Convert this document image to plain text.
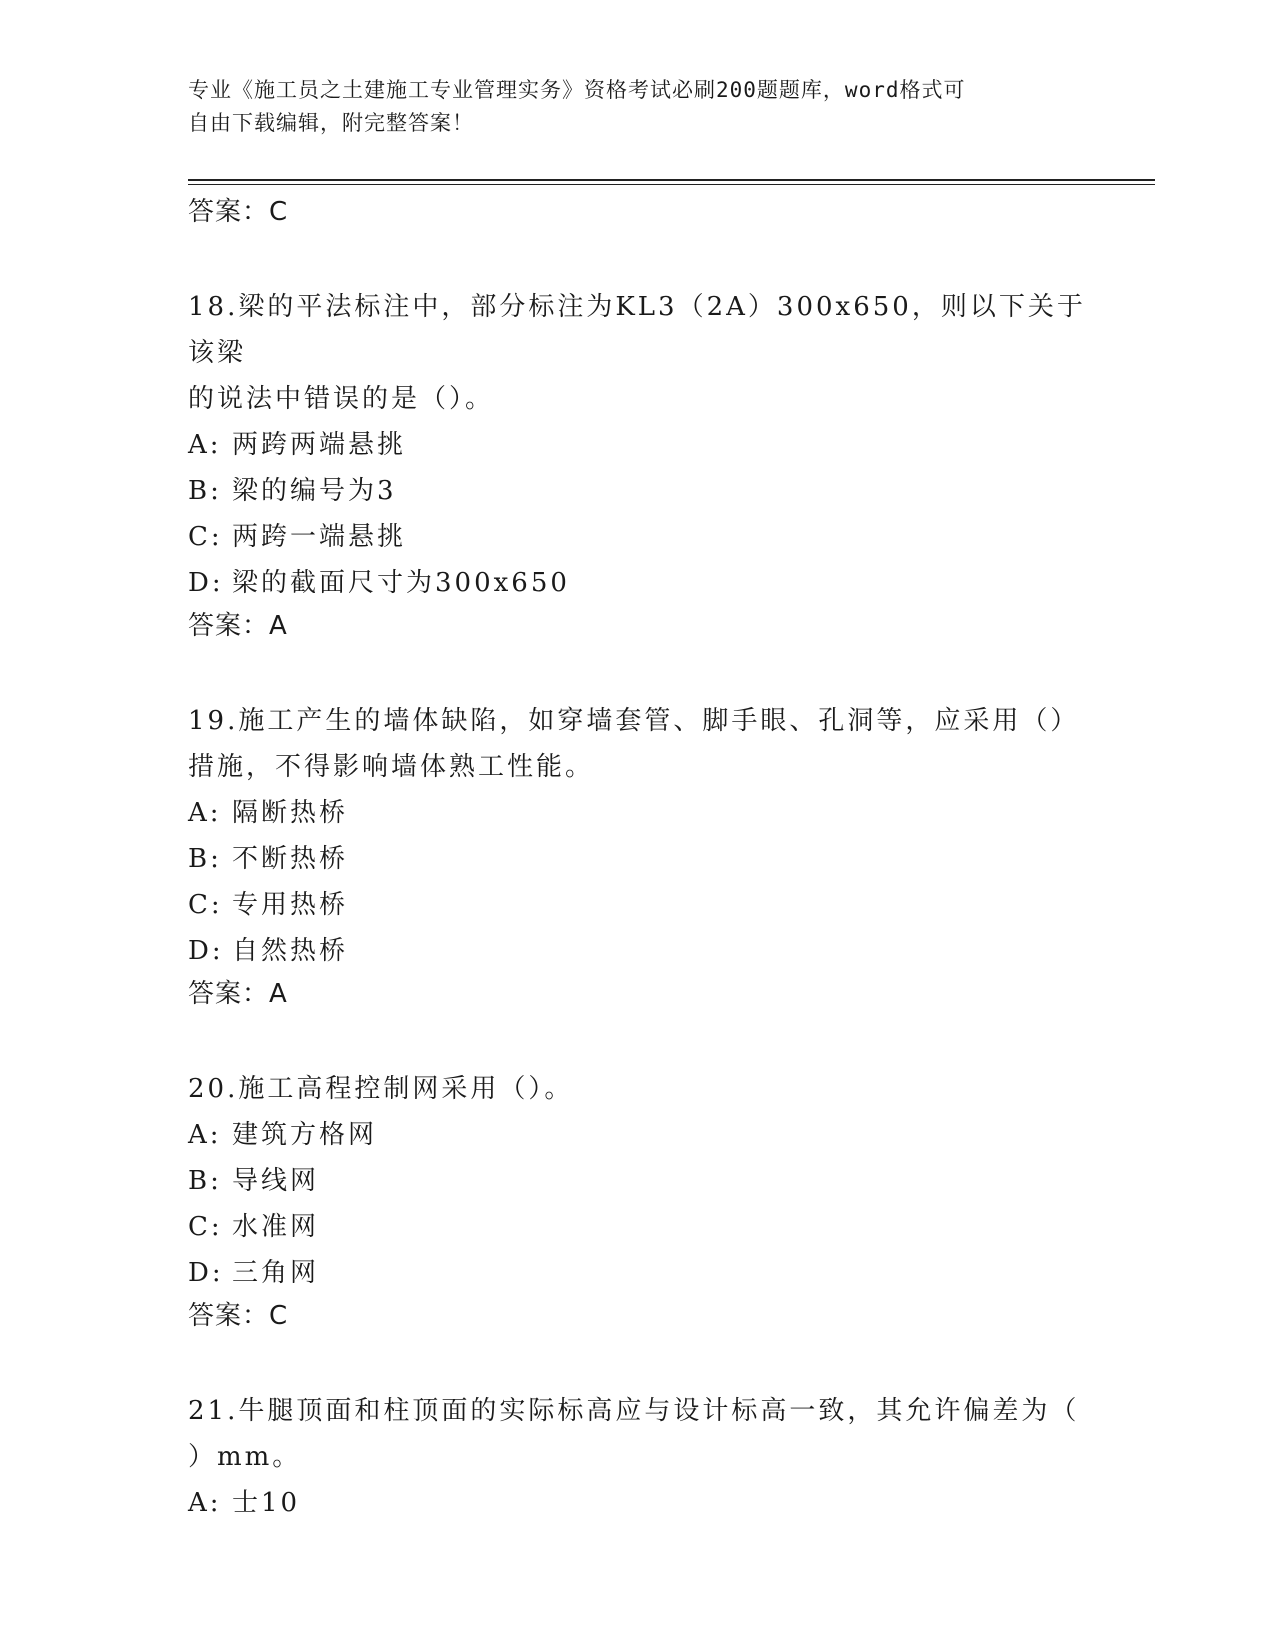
专业《施工员之土建施工专业管理实务》资格考试必刷200题题库，word格式可
自由下载编辑，附完整答案！
答案：C
18.梁的平法标注中，部分标注为KL3（2A）300x650，则以下关于该梁
的说法中错误的是（）。
A: 两跨两端悬挑
B: 梁的编号为3
C: 两跨一端悬挑
D: 梁的截面尺寸为300x650
答案：A
19.施工产生的墙体缺陷，如穿墙套管、脚手眼、孔洞等，应采用（）
措施，不得影响墙体熟工性能。
A: 隔断热桥
B: 不断热桥
C: 专用热桥
D: 自然热桥
答案：A
20.施工高程控制网采用（）。
A: 建筑方格网
B: 导线网
C: 水准网
D: 三角网
答案：C
21.牛腿顶面和柱顶面的实际标高应与设计标高一致，其允许偏差为（
）mm。
A: 士10
